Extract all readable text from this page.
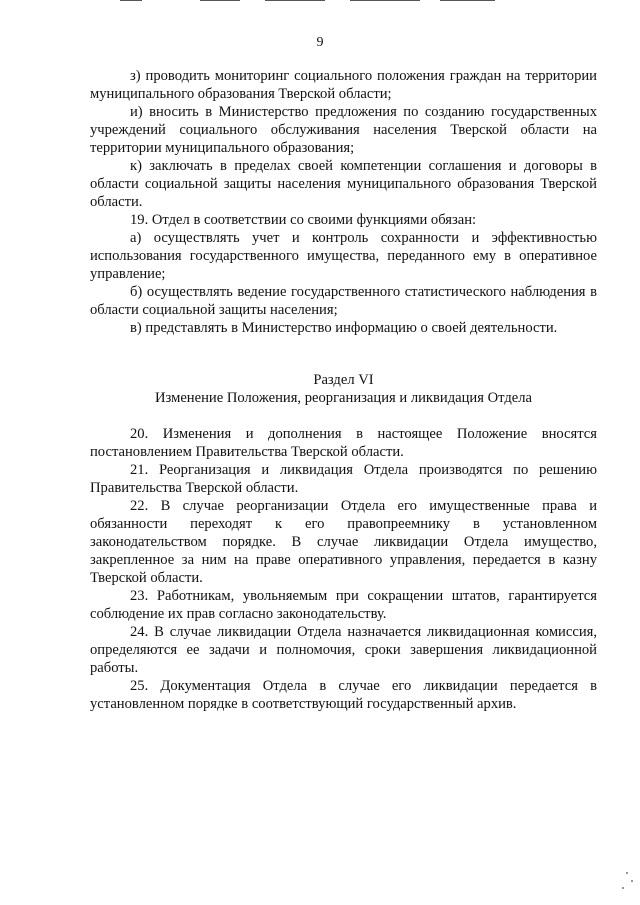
9

з) проводить мониторинг социального положения граждан на территории муниципального образования Тверской области;

и) вносить в Министерство предложения по созданию государственных учреждений социального обслуживания населения Тверской области на территории муниципального образования;

к) заключать в пределах своей компетенции соглашения и договоры в области социальной защиты населения муниципального образования Тверской области.

19. Отдел в соответствии со своими функциями обязан:

а) осуществлять учет и контроль сохранности и эффективностью использования государственного имущества, переданного ему в оперативное управление;

б) осуществлять ведение государственного статистического наблюдения в области социальной защиты населения;

в) представлять в Министерство информацию о своей деятельности.

Раздел VI

Изменение Положения, реорганизация и ликвидация Отдела

20. Изменения и дополнения в настоящее Положение вносятся постановлением Правительства Тверской области.

21. Реорганизация и ликвидация Отдела производятся по решению Правительства Тверской области.

22. В случае реорганизации Отдела его имущественные права и обязанности переходят к его правопреемнику в установленном законодательством порядке. В случае ликвидации Отдела имущество, закрепленное за ним на праве оперативного управления, передается в казну Тверской области.

23. Работникам, увольняемым при сокращении штатов, гарантируется соблюдение их прав согласно законодательству.

24. В случае ликвидации Отдела назначается ликвидационная комиссия, определяются ее задачи и полномочия, сроки завершения ликвидационной работы.

25. Документация Отдела в случае его ликвидации передается в установленном порядке в соответствующий государственный архив.
